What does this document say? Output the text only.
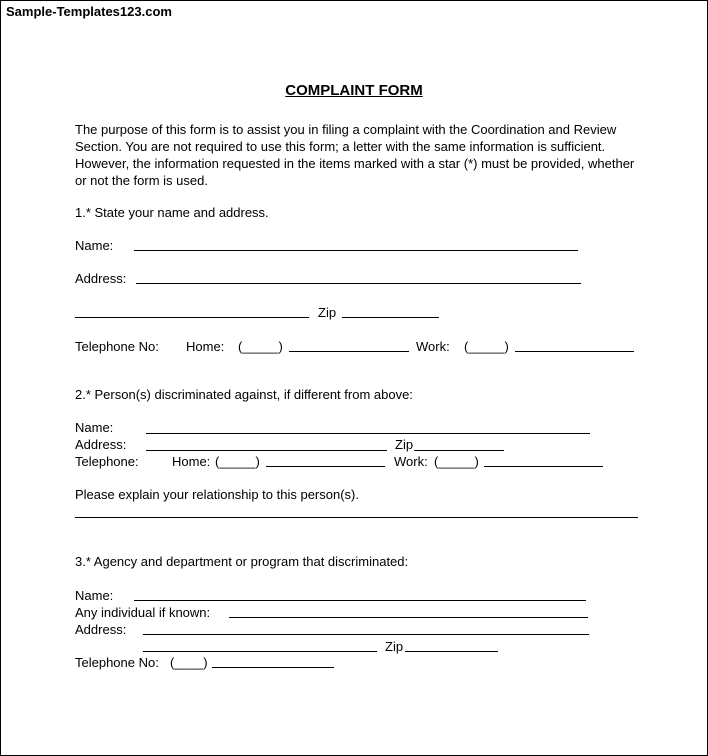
Sample-Templates123.com
COMPLAINT FORM
The purpose of this form is to assist you in filing a complaint with the Coordination and Review Section. You are not required to use this form; a letter with the same information is sufficient. However, the information requested in the items marked with a star (*) must be provided, whether or not the form is used.
1.* State your name and address.
Name:
Address:
Zip
Telephone No: Home: (_____)	Work: (_____)
2.* Person(s) discriminated against, if different from above:
Name:
Address:	Zip
Telephone:	Home: (_____)	Work: (_____)
Please explain your relationship to this person(s).
3.* Agency and department or program that discriminated:
Name:
Any individual if known:
Address:
Zip
Telephone No: (____)
